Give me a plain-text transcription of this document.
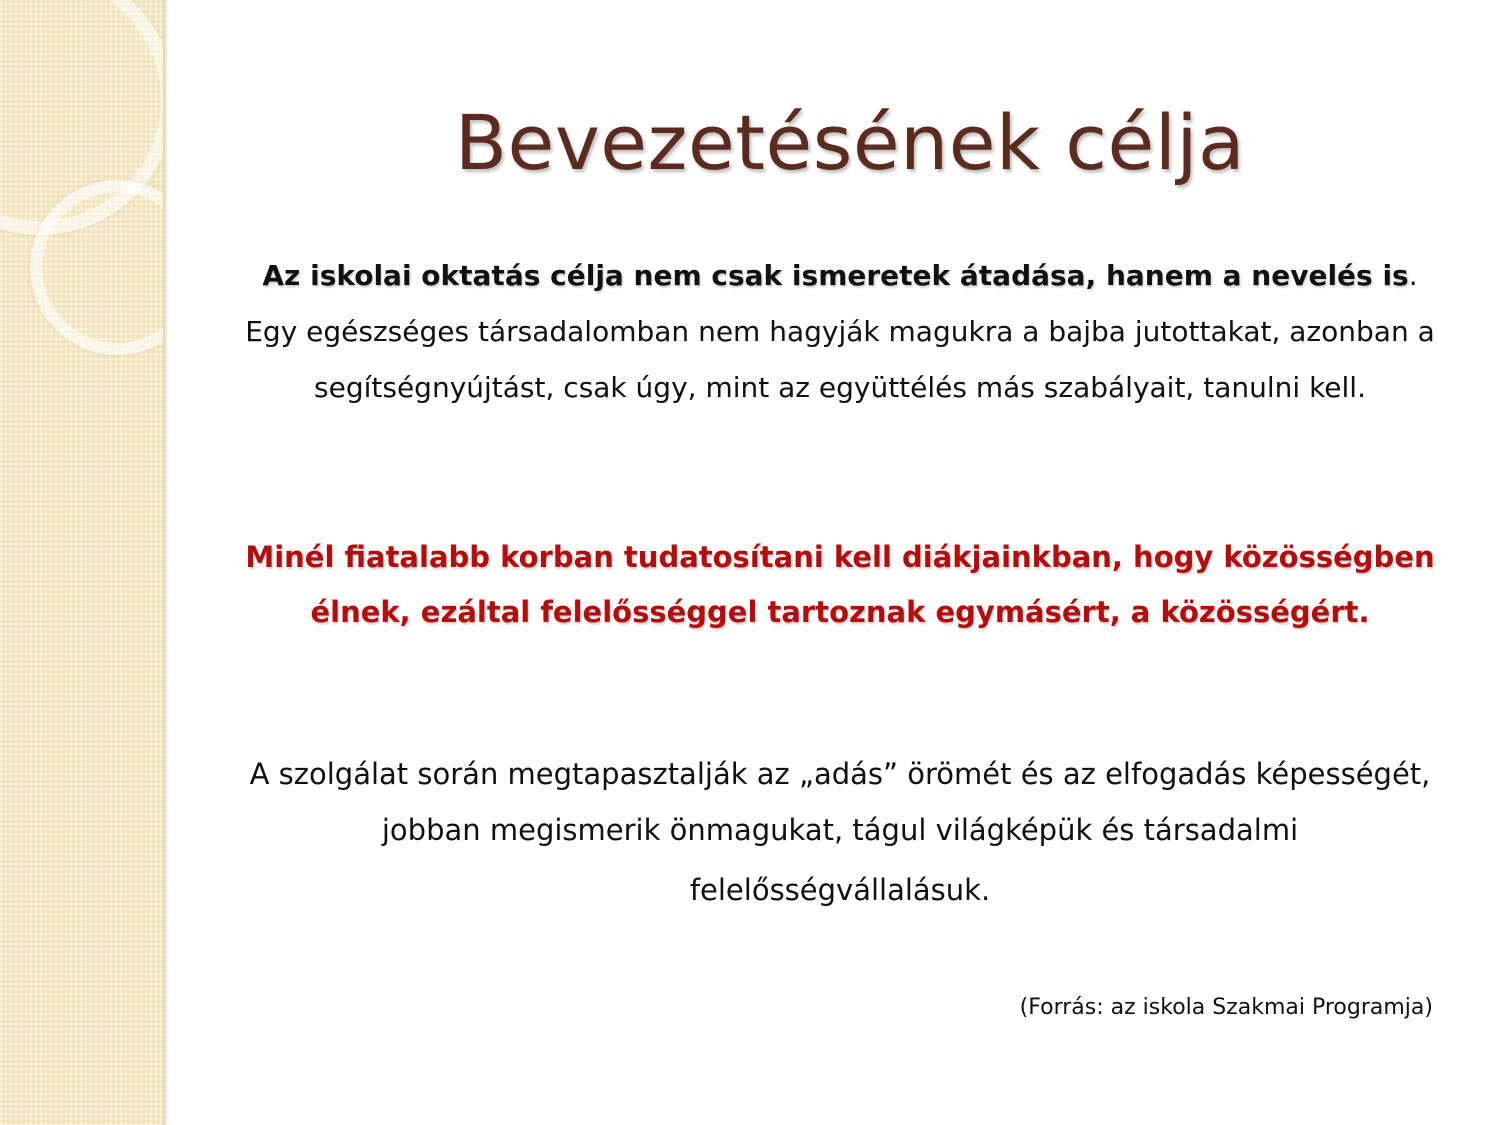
Bevezetésének célja
Az iskolai oktatás célja nem csak ismeretek átadása, hanem a nevelés is. Egy egészséges társadalomban nem hagyják magukra a bajba jutottakat, azonban a segítségnyújtást, csak úgy, mint az együttélés más szabályait, tanulni kell.
Minél fiatalabb korban tudatosítani kell diákjainkban, hogy közösségben élnek, ezáltal felelősséggel tartoznak egymásért, a közösségért.
A szolgálat során megtapasztalják az „adás” örömét és az elfogadás képességét, jobban megismerik önmagukat, tágul világképük és társadalmi
felelősségvállalásuk.
(Forrás: az iskola Szakmai Programja)
